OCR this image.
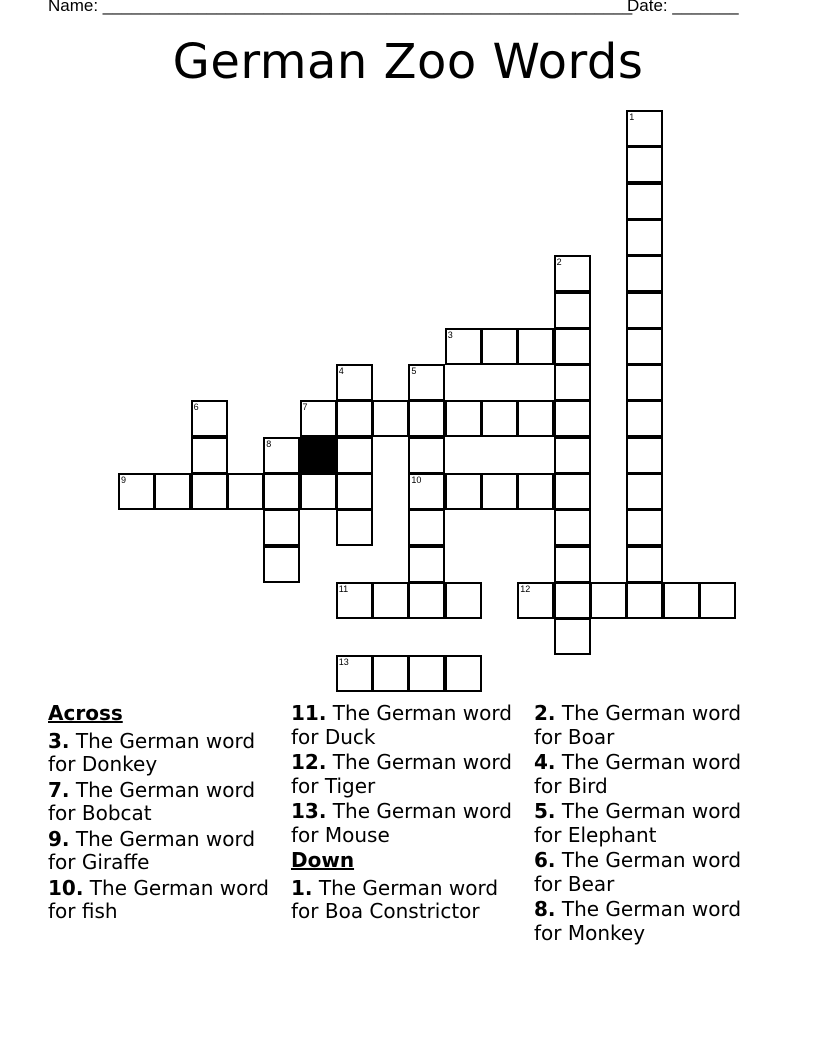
Name: ________________________________________________________
Date: _______
German Zoo Words
1
2
3
4	5
10
6	7
8
9
11	12
13
Across
3. The German word for Donkey
7. The German word for Bobcat
9. The German word for Giraffe
10. The German word for fish
11. The German word for Duck
12. The German word for Tiger
13. The German word for Mouse
Down
1. The German word for Boa Constrictor
2. The German word for Boar
4. The German word for Bird
5. The German word for Elephant
6. The German word for Bear
8. The German word for Monkey
